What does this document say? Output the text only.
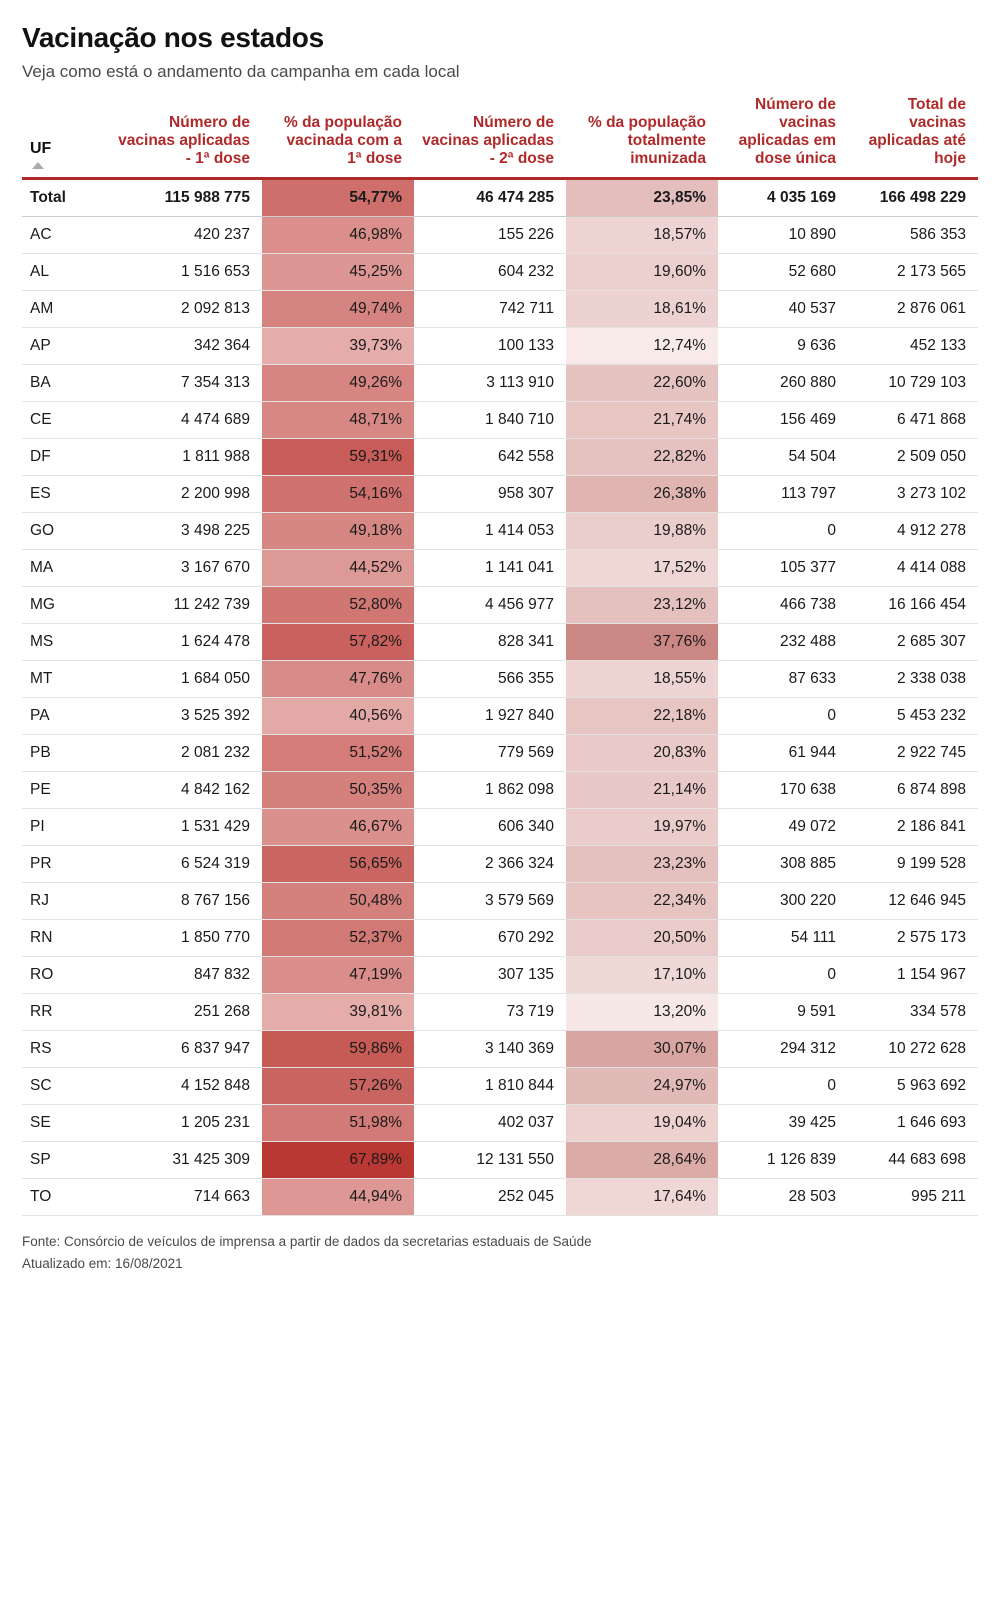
Vacinação nos estados

Veja como está o andamento da campanha em cada local

UF	Número de vacinas aplicadas - 1ª dose	% da população vacinada com a 1ª dose	Número de vacinas aplicadas - 2ª dose	% da população totalmente imunizada	Número de vacinas aplicadas em dose única	Total de vacinas aplicadas até hoje
Total	115 988 775	54,77%	46 474 285	23,85%	4 035 169	166 498 229
AC	420 237	46,98%	155 226	18,57%	10 890	586 353
AL	1 516 653	45,25%	604 232	19,60%	52 680	2 173 565
AM	2 092 813	49,74%	742 711	18,61%	40 537	2 876 061
AP	342 364	39,73%	100 133	12,74%	9 636	452 133
BA	7 354 313	49,26%	3 113 910	22,60%	260 880	10 729 103
CE	4 474 689	48,71%	1 840 710	21,74%	156 469	6 471 868
DF	1 811 988	59,31%	642 558	22,82%	54 504	2 509 050
ES	2 200 998	54,16%	958 307	26,38%	113 797	3 273 102
GO	3 498 225	49,18%	1 414 053	19,88%	0	4 912 278
MA	3 167 670	44,52%	1 141 041	17,52%	105 377	4 414 088
MG	11 242 739	52,80%	4 456 977	23,12%	466 738	16 166 454
MS	1 624 478	57,82%	828 341	37,76%	232 488	2 685 307
MT	1 684 050	47,76%	566 355	18,55%	87 633	2 338 038
PA	3 525 392	40,56%	1 927 840	22,18%	0	5 453 232
PB	2 081 232	51,52%	779 569	20,83%	61 944	2 922 745
PE	4 842 162	50,35%	1 862 098	21,14%	170 638	6 874 898
PI	1 531 429	46,67%	606 340	19,97%	49 072	2 186 841
PR	6 524 319	56,65%	2 366 324	23,23%	308 885	9 199 528
RJ	8 767 156	50,48%	3 579 569	22,34%	300 220	12 646 945
RN	1 850 770	52,37%	670 292	20,50%	54 111	2 575 173
RO	847 832	47,19%	307 135	17,10%	0	1 154 967
RR	251 268	39,81%	73 719	13,20%	9 591	334 578
RS	6 837 947	59,86%	3 140 369	30,07%	294 312	10 272 628
SC	4 152 848	57,26%	1 810 844	24,97%	0	5 963 692
SE	1 205 231	51,98%	402 037	19,04%	39 425	1 646 693
SP	31 425 309	67,89%	12 131 550	28,64%	1 126 839	44 683 698
TO	714 663	44,94%	252 045	17,64%	28 503	995 211
Fonte: Consórcio de veículos de imprensa a partir de dados da secretarias estaduais de Saúde
Atualizado em: 16/08/2021
